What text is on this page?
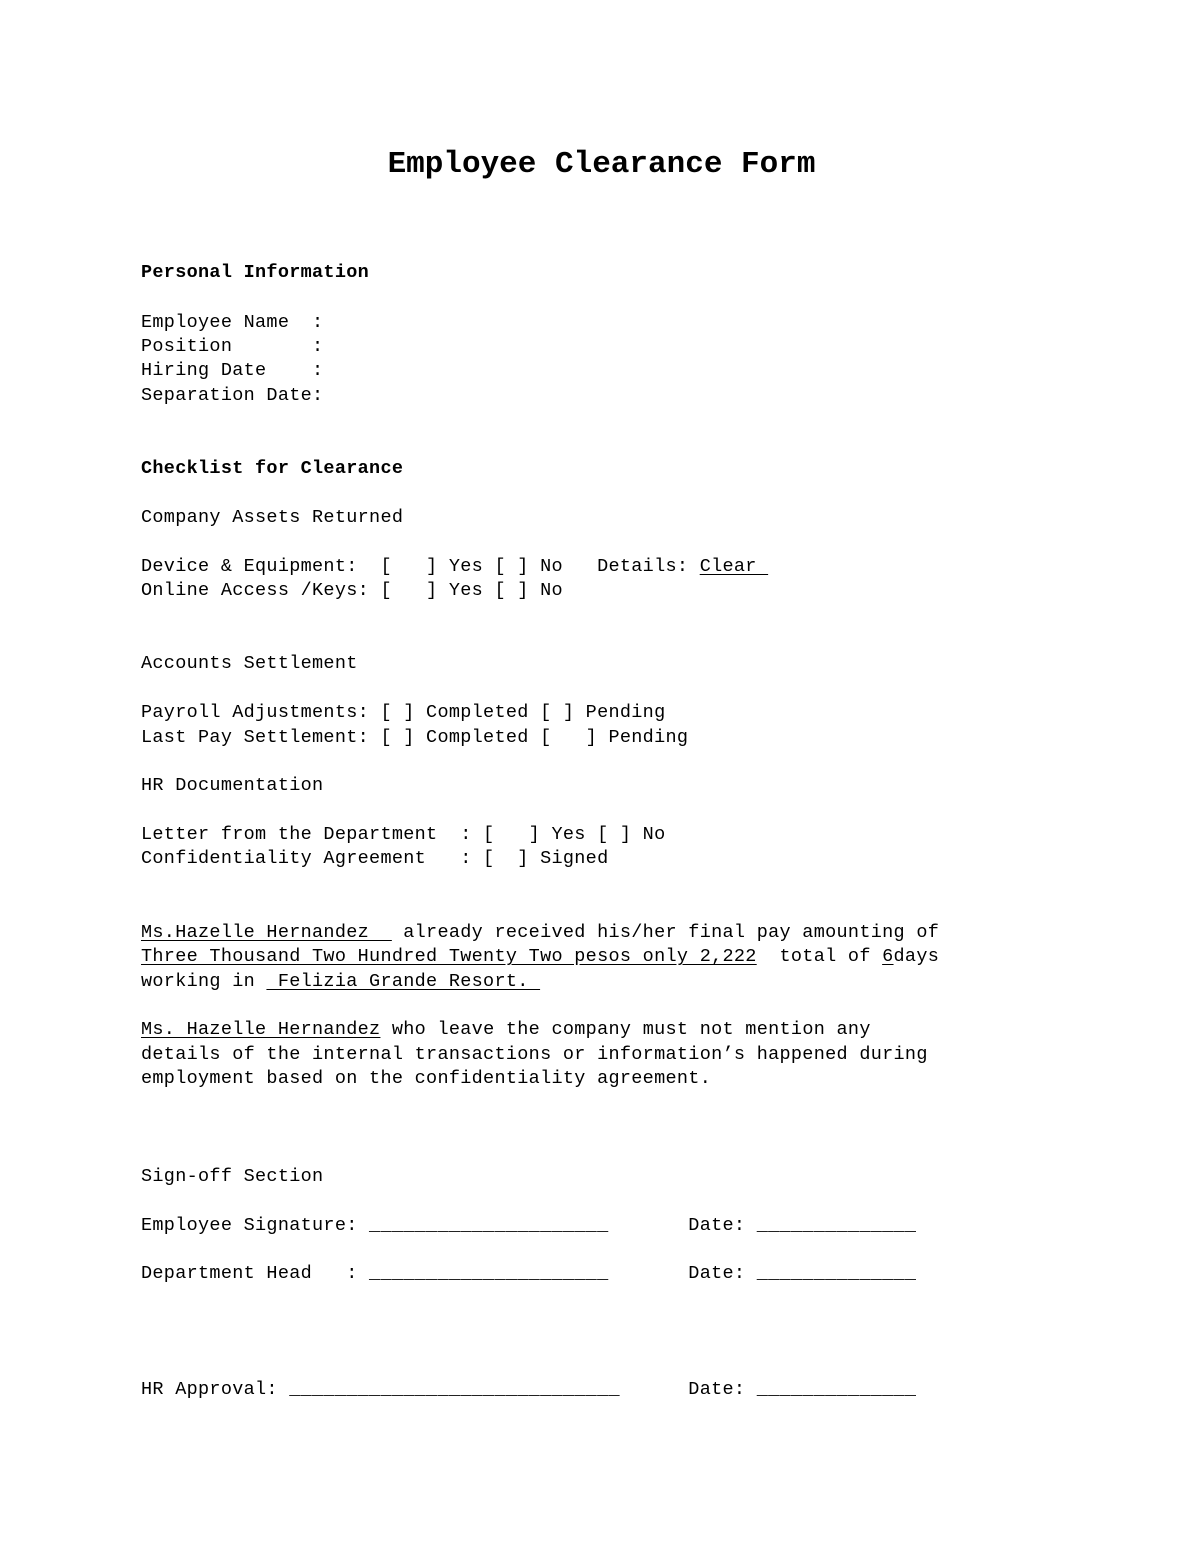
Employee Clearance Form
Personal Information
Employee Name  :
Position       :
Hiring Date    :
Separation Date:
Checklist for Clearance
Company Assets Returned
Device & Equipment:  [   ] Yes [ ] No   Details: Clear
Online Access /Keys: [   ] Yes [ ] No
Accounts Settlement
Payroll Adjustments: [ ] Completed [ ] Pending
Last Pay Settlement: [ ] Completed [   ] Pending
HR Documentation
Letter from the Department  : [   ] Yes [ ] No
Confidentiality Agreement   : [  ] Signed
Ms.Hazelle Hernandez   already received his/her final pay amounting of
Three Thousand Two Hundred Twenty Two pesos only 2,222  total of 6days
working in  Felizia Grande Resort.
Ms. Hazelle Hernandez who leave the company must not mention any
details of the internal transactions or information’s happened during
employment based on the confidentiality agreement.
Sign-off Section
Employee Signature: _____________________       Date: ______________
Department Head   : _____________________       Date: ______________
HR Approval: _____________________________      Date: ______________
